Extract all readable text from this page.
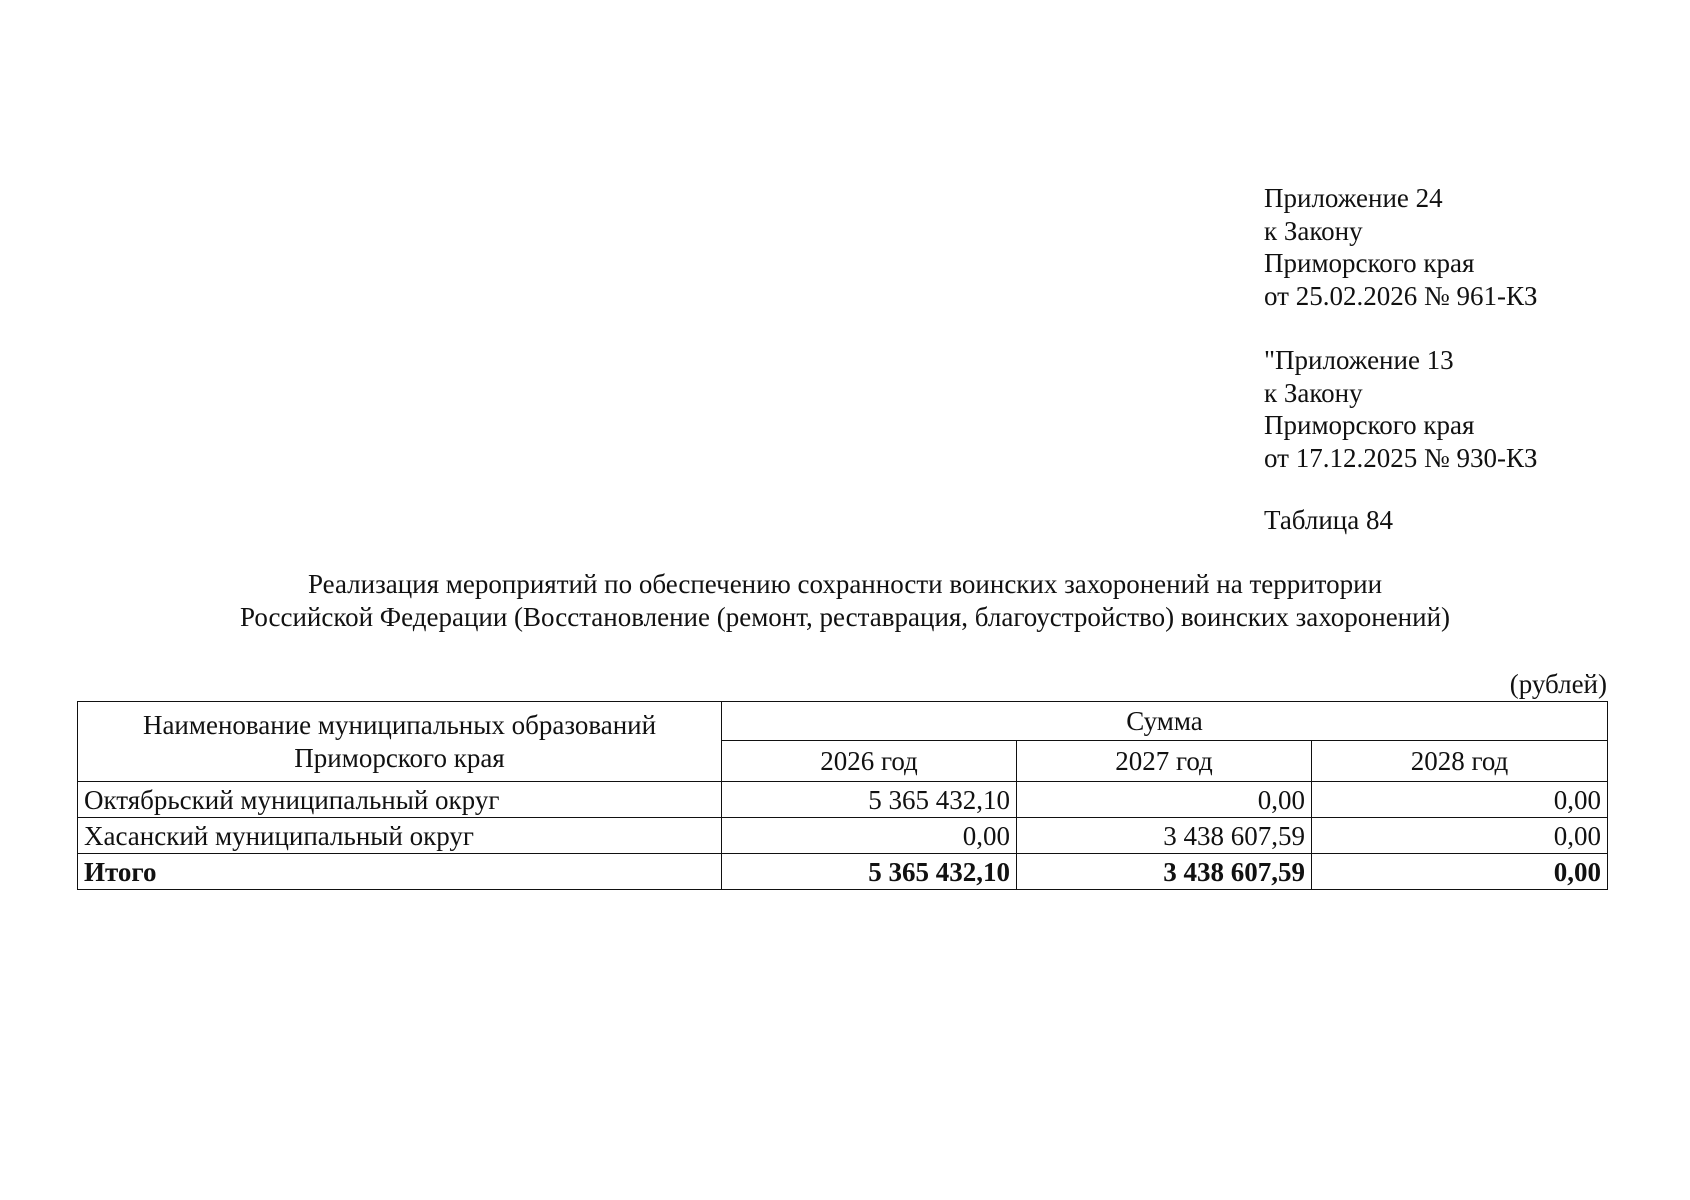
Приложение 24
к Закону
Приморского края
от 25.02.2026 № 961-КЗ
"Приложение 13
к Закону
Приморского края
от 17.12.2025 № 930-КЗ
Таблица 84
Реализация мероприятий по обеспечению сохранности воинских захоронений на территории
Российской Федерации (Восстановление (ремонт, реставрация, благоустройство) воинских захоронений)
(рублей)
Наименование муниципальных образований
Приморского края	Сумма		
	2026 год	2027 год	2028 год
Октябрьский муниципальный округ	5 365 432,10	0,00	0,00
Хасанский муниципальный округ	0,00	3 438 607,59	0,00
Итого	5 365 432,10	3 438 607,59	0,00
